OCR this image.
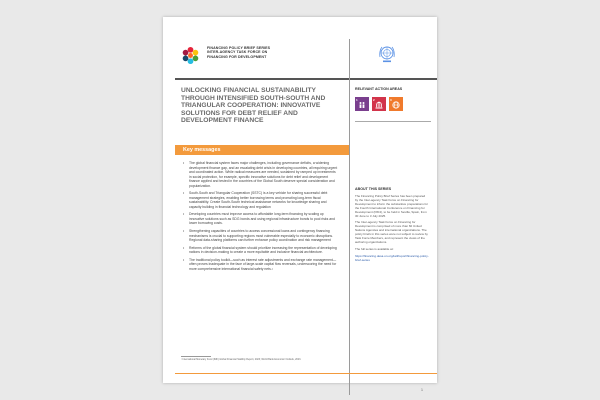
FINANCING POLICY BRIEF SERIES
INTER-AGENCY TASK FORCE ON
FINANCING FOR DEVELOPMENT
UNLOCKING FINANCIAL SUSTAINABILITY THROUGH INTENSIFIED SOUTH-SOUTH AND TRIANGULAR COOPERATION: INNOVATIVE SOLUTIONS FOR DEBT RELIEF AND DEVELOPMENT FINANCE
Key messages
• The global financial system faces major challenges, including governance deficits, a widening development finance gap, and an escalating debt crisis in developing countries, all requiring urgent and coordinated action. While radical measures are needed, sustained by ramped up investments in social protection, for example, specific innovative solutions for debt relief and development finance applied and tested in the countries of the Global South deserve special consideration and popularization.
• South-South and Triangular Cooperation (SSTC) is a key vehicle for sharing successful debt management strategies, enabling better borrowing terms and promoting long-term fiscal sustainability. Create South-South technical assistance networks for knowledge sharing and capacity building in financial technology and regulation
• Developing countries must improve access to affordable long-term financing by scaling up innovative solutions such as SDG bonds and using regional infrastructure bonds to pool risks and lower borrowing costs.
• Strengthening capacities of countries to access concessional loans and contingency financing mechanisms is crucial to supporting regions most vulnerable especially to economic disruptions. Regional data-sharing platforms can further enhance policy coordination and risk management
• Reforms of the global financial system should prioritize increasing the representation of developing nations in decision-making to create a more equitable and inclusive financial architecture.
• The traditional policy toolkit—such as interest rate adjustments and exchange rate management—often proves inadequate in the face of large-scale capital flow reversals, underscoring the need for more comprehensive international financial safety nets.¹
¹ International Monetary Fund (IMF) Global Financial Stability Report, 2023; World Bank Economic Outlook, 2023.
1
RELEVANT ACTION AREAS
1	2	3
ABOUT THIS SERIES

The Financing Policy Brief Series has been prepared by the Inter-agency Task Force on Financing for Development to inform the substantive preparations for the Fourth International Conference on Financing for Development (FfD4), to be held in Sevilla, Spain, from 30 June to 3 July 2025.

The Inter-agency Task Force on Financing for Development is comprised of more than 60 United Nations Agencies and international organizations. The policy briefs in this series were not subject to review by Task Force Members, and represent the views of the authoring organizations.

The full series is available at:

https://financing.desa.un.org/iatf/report/financing-policy-brief-series
